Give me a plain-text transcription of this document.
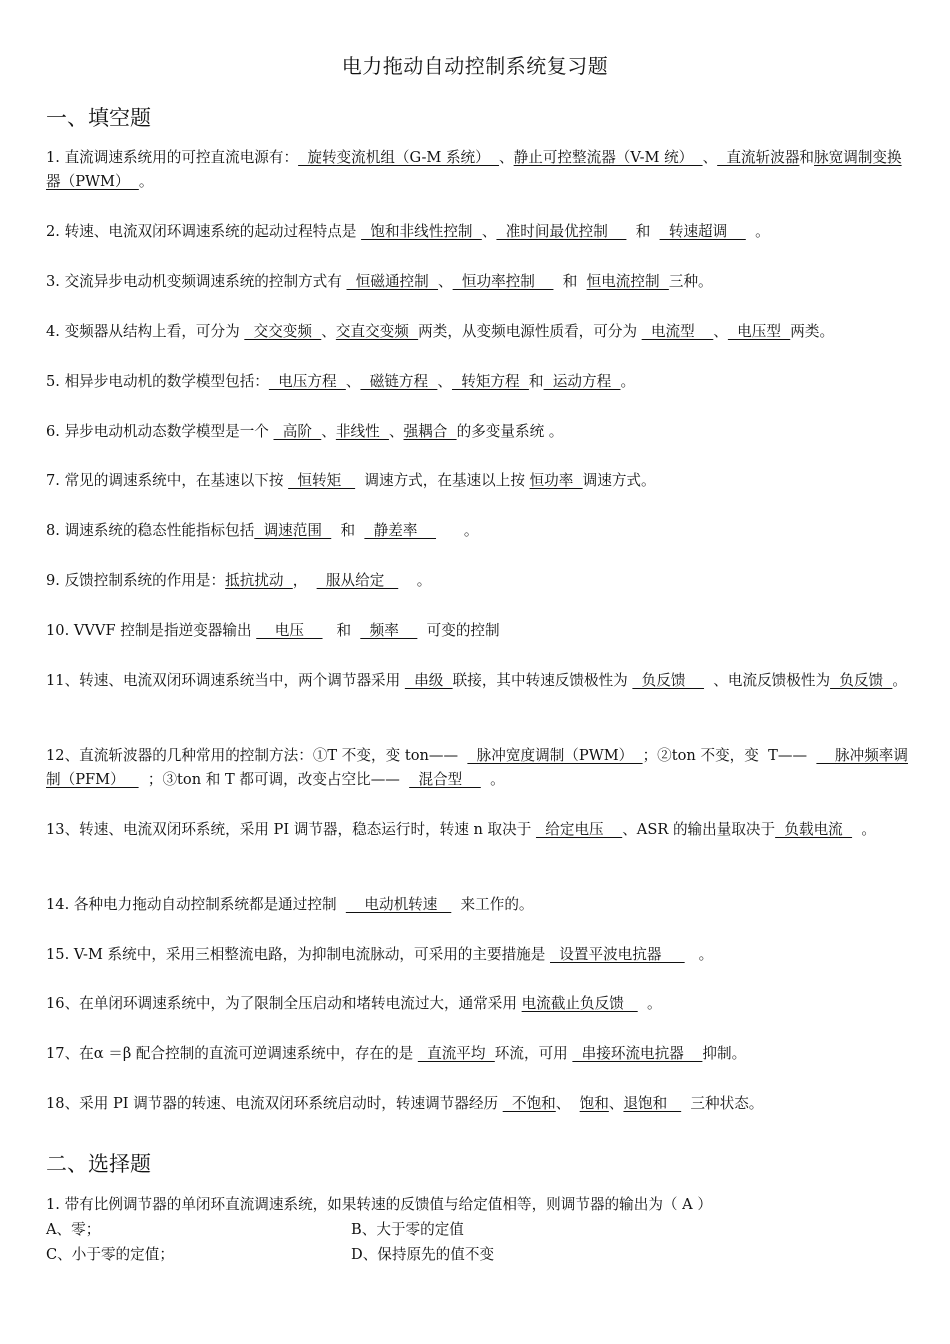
电力拖动自动控制系统复习题
一、填空题
1. 直流调速系统用的可控直流电源有：  旋转变流机组（G-M 系统）  、静止可控整流器（V-M 统）  、  直流斩波器和脉宽调制变换器（PWM）  。
2. 转速、电流双闭环调速系统的起动过程特点是   饱和非线性控制  、  准时间最优控制      和    转速超调      。
3. 交流异步电动机变频调速系统的控制方式有   恒磁通控制  、  恒功率控制      和  恒电流控制  三种。
4. 变频器从结构上看，可分为   交交变频  、交直交变频  两类，从变频电源性质看，可分为   电流型    、  电压型  两类。
5. 相异步电动机的数学模型包括：  电压方程  、  磁链方程  、  转矩方程  和  运动方程  。
6. 异步电动机动态数学模型是一个   高阶  、非线性  、强耦合  的多变量系统 。
7. 常见的调速系统中，在基速以下按   恒转矩     调速方式，在基速以上按 恒功率  调速方式。
8. 调速系统的稳态性能指标包括  调速范围    和    静差率          。
9. 反馈控制系统的作用是：抵抗扰动  ，    服从给定       。
10. VVVF 控制是指逆变器输出     电压       和    频率      可变的控制
11、转速、电流双闭环调速系统当中，两个调节器采用   串级  联接，其中转速反馈极性为   负反馈      、电流反馈极性为  负反馈  。
12、直流斩波器的几种常用的控制方法：①T 不变，变 ton——    脉冲宽度调制（PWM）  ；②ton 不变，变  T——      脉冲频率调制（PFM）     ；③ton 和 T 都可调，改变占空比——    混合型      。
13、转速、电流双闭环系统，采用 PI 调节器，稳态运行时，转速 n 取决于   给定电压    、ASR 的输出量取决于  负载电流    。
14. 各种电力拖动自动控制系统都是通过控制      电动机转速     来工作的。
15. V-M 系统中，采用三相整流电路，为抑制电流脉动，可采用的主要措施是   设置平波电抗器        。
16、在单闭环调速系统中，为了限制全压启动和堵转电流过大，通常采用 电流截止负反馈     。
17、在α ＝β 配合控制的直流可逆调速系统中，存在的是   直流平均  环流，可用   串接环流电抗器    抑制。
18、采用 PI 调节器的转速、电流双闭环系统启动时，转速调节器经历   不饱和、  饱和、退饱和     三种状态。
二、选择题
1. 带有比例调节器的单闭环直流调速系统，如果转速的反馈值与给定值相等，则调节器的输出为（ A ）
A、零；	B、大于零的定值
C、小于零的定值；	D、保持原先的值不变
